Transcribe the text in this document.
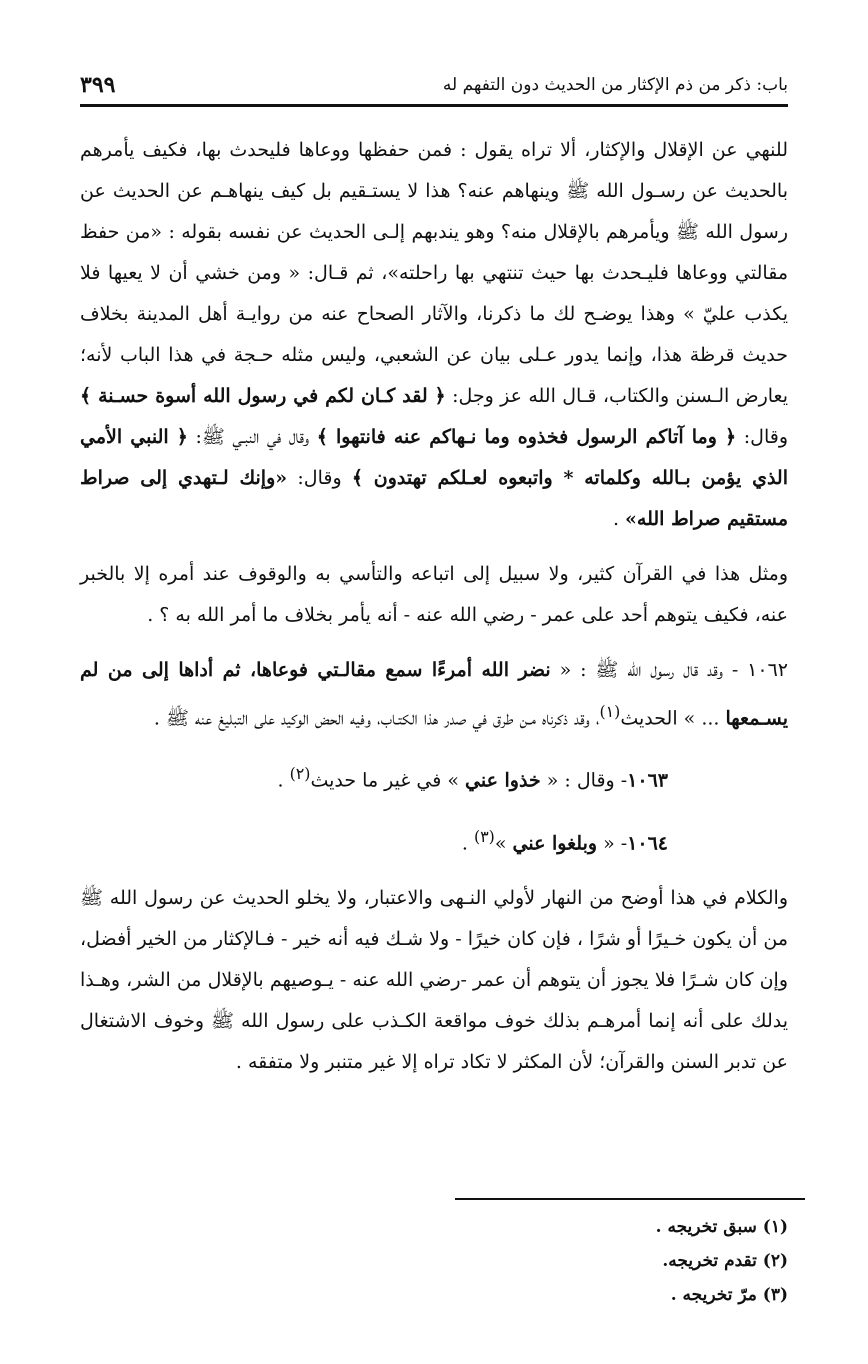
باب: ذكر من ذم الإكثار من الحديث دون التفهم له
٣٩٩

للنهي عن الإقلال والإكثار، ألا تراه يقول : فمن حفظها ووعاها فليحدث بها، فكيف يأمرهم بالحديث عن رسـول الله ﷺ وينهاهم عنه؟ هذا لا يستـقيم بل كيف ينهاهـم عن الحديث عن رسول الله ﷺ ويأمرهم بالإقلال منه؟ وهو يندبهم إلـى الحديث عن نفسه بقوله : «من حفظ مقالتي ووعاها فليـحدث بها حيث تنتهي بها راحلته»، ثم قـال: « ومن خشي أن لا يعيها فلا يكذب عليّ » وهذا يوضـح لك ما ذكرنا، والآثار الصحاح عنه من روايـة أهل المدينة بخلاف حديث قرظة هذا، وإنما يدور عـلى بيان عن الشعبي، وليس مثله حـجة في هذا الباب لأنه؛ يعارض الـسنن والكتاب، قـال الله عز وجل: ﴿ لقد كـان لكم في رسول الله أسوة حسـنة ﴾ وقال: ﴿ وما آتاكم الرسول فخذوه وما نـهاكم عنه فانتهوا ﴾ وقال في النبـي ﷺ: ﴿ النبي الأمي الذي يؤمن بـالله وكلماته * واتبعوه لعـلكم تهتدون ﴾ وقال: «وإنك لـتهدي إلى صراط مستقيم صراط الله» .

ومثل هذا في القرآن كثير، ولا سبيل إلى اتباعه والتأسي به والوقوف عند أمره إلا بالخبر عنه، فكيف يتوهم أحد على عمر - رضي الله عنه - أنه يأمر بخلاف ما أمر الله به ؟ .

١٠٦٢ - وقد قال رسول الله ﷺ : « نضر الله أمرءًا سمع مقالـتي فوعاها، ثم أداها إلى من لم يسـمعها ... » الحديث$^{(١)}$، وقد ذكرناه مـن طرق في صدر هذا الكتـاب، وفيه الحض الوكيد على التبليغ عنه ﷺ .

١٠٦٣- وقال : « خذوا عني » في غير ما حديث$^{(٢)}$ .

١٠٦٤- « وبلغوا عني »$^{(٣)}$ .

والكلام في هذا أوضح من النهار لأولي النـهى والاعتبار، ولا يخلو الحديث عن رسول الله ﷺ من أن يكون خـيرًا أو شرًا ، فإن كان خيرًا - ولا شـك فيه أنه خير - فـالإكثار من الخير أفضل، وإن كان شـرًا فلا يجوز أن يتوهم أن عمر -رضي الله عنه - يـوصيهم بالإقلال من الشر، وهـذا يدلك على أنه إنما أمرهـم بذلك خوف مواقعة الكـذب على رسول الله ﷺ وخوف الاشتغال عن تدبر السنن والقرآن؛ لأن المكثر لا تكاد تراه إلا غير متنبر ولا متفقه .

(١) سبق تخريجه .

(٢) تقدم تخريجه.

(٣) مرّ تخريجه .
